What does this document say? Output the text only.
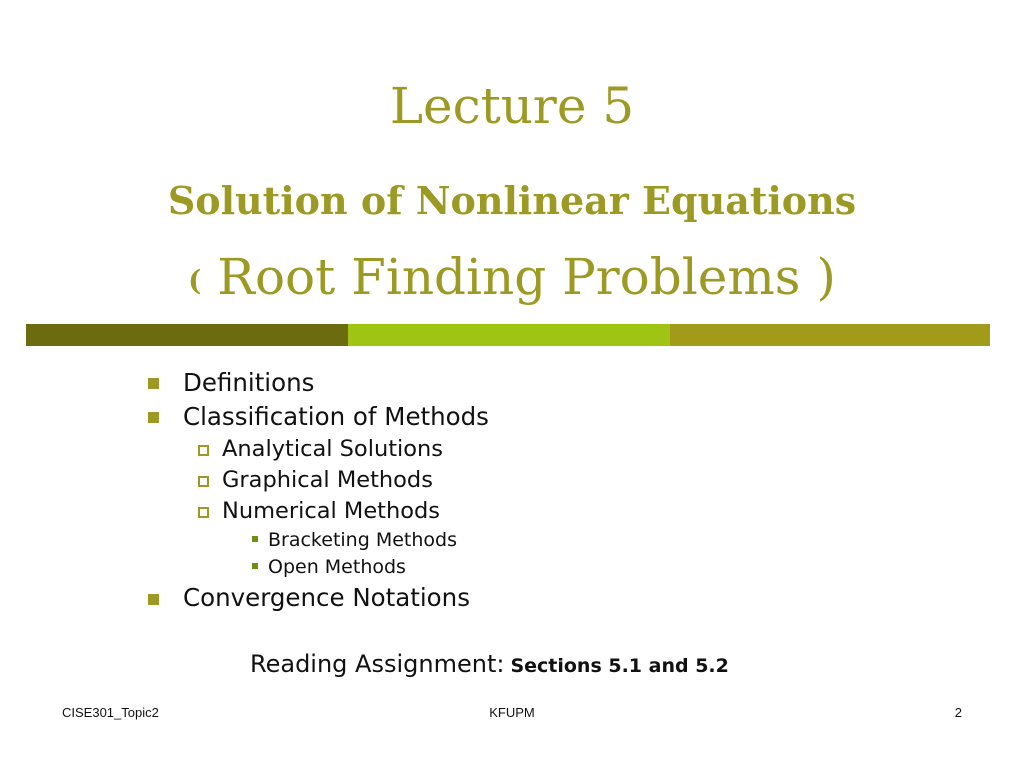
Lecture 5
Solution of Nonlinear Equations
( Root Finding Problems )
Definitions
Classification of Methods
Analytical Solutions
Graphical Methods
Numerical Methods
Bracketing Methods
Open Methods
Convergence Notations
Reading Assignment: Sections 5.1 and 5.2
CISE301_Topic2	KFUPM	2
